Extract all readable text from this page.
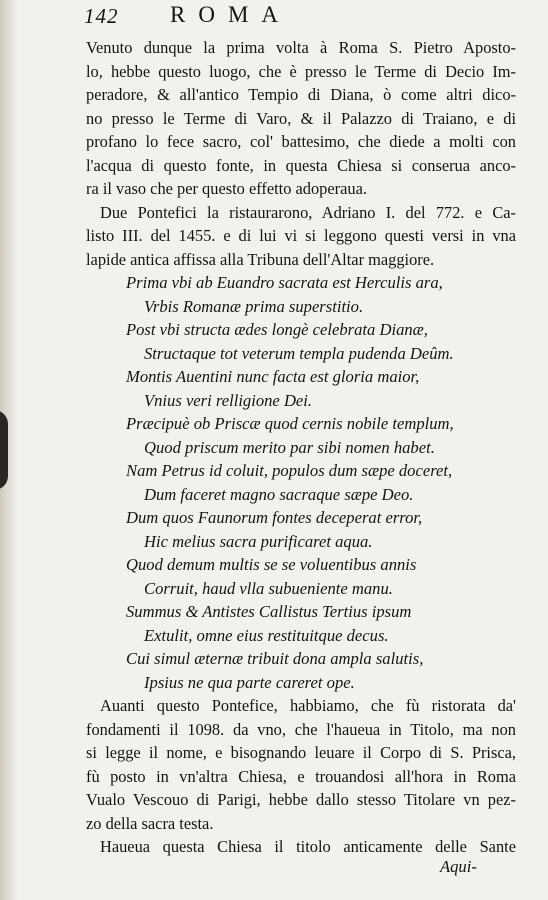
142 ROMA
Venuto dunque la prima volta à Roma S. Pietro Aposto-
lo, hebbe questo luogo, che è presso le Terme di Decio Im-
peradore, & all'antico Tempio di Diana, ò come altri dico-
no presso le Terme di Varo, & il Palazzo di Traiano, e di
profano lo fece sacro, col' battesimo, che diede a molti con
l'acqua di questo fonte, in questa Chiesa si conserua anco-
ra il vaso che per questo effetto adoperaua.
Due Pontefici la ristaurarono, Adriano I. del 772. e Ca-
listo III. del 1455. e di lui vi si leggono questi versi in vna
lapide antica affissa alla Tribuna dell'Altar maggiore.
Prima vbi ab Euandro sacrata est Herculis ara,
Vrbis Romanæ prima superstitio.
Post vbi structa ædes longè celebrata Dianæ,
Structaque tot veterum templa pudenda Deûm.
Montis Auentini nunc facta est gloria maior,
Vnius veri relligione Dei.
Præcipuè ob Priscæ quod cernis nobile templum,
Quod priscum merito par sibi nomen habet.
Nam Petrus id coluit, populos dum sæpe doceret,
Dum faceret magno sacraque sæpe Deo.
Dum quos Faunorum fontes deceperat error,
Hic melius sacra purificaret aqua.
Quod demum multis se se voluentibus annis
Corruit, haud vlla subueniente manu.
Summus & Antistes Callistus Tertius ipsum
Extulit, omne eius restituitque decus.
Cui simul æternæ tribuit dona ampla salutis,
Ipsius ne qua parte careret ope.
Auanti questo Pontefice, habbiamo, che fù ristorata da'
fondamenti il 1098. da vno, che l'haueua in Titolo, ma non
si legge il nome, e bisognando leuare il Corpo di S. Prisca,
fù posto in vn'altra Chiesa, e trouandosi all'hora in Roma
Vualo Vescouo di Parigi, hebbe dallo stesso Titolare vn pez-
zo della sacra testa.
Haueua questa Chiesa il titolo anticamente delle Sante
Aqui-
